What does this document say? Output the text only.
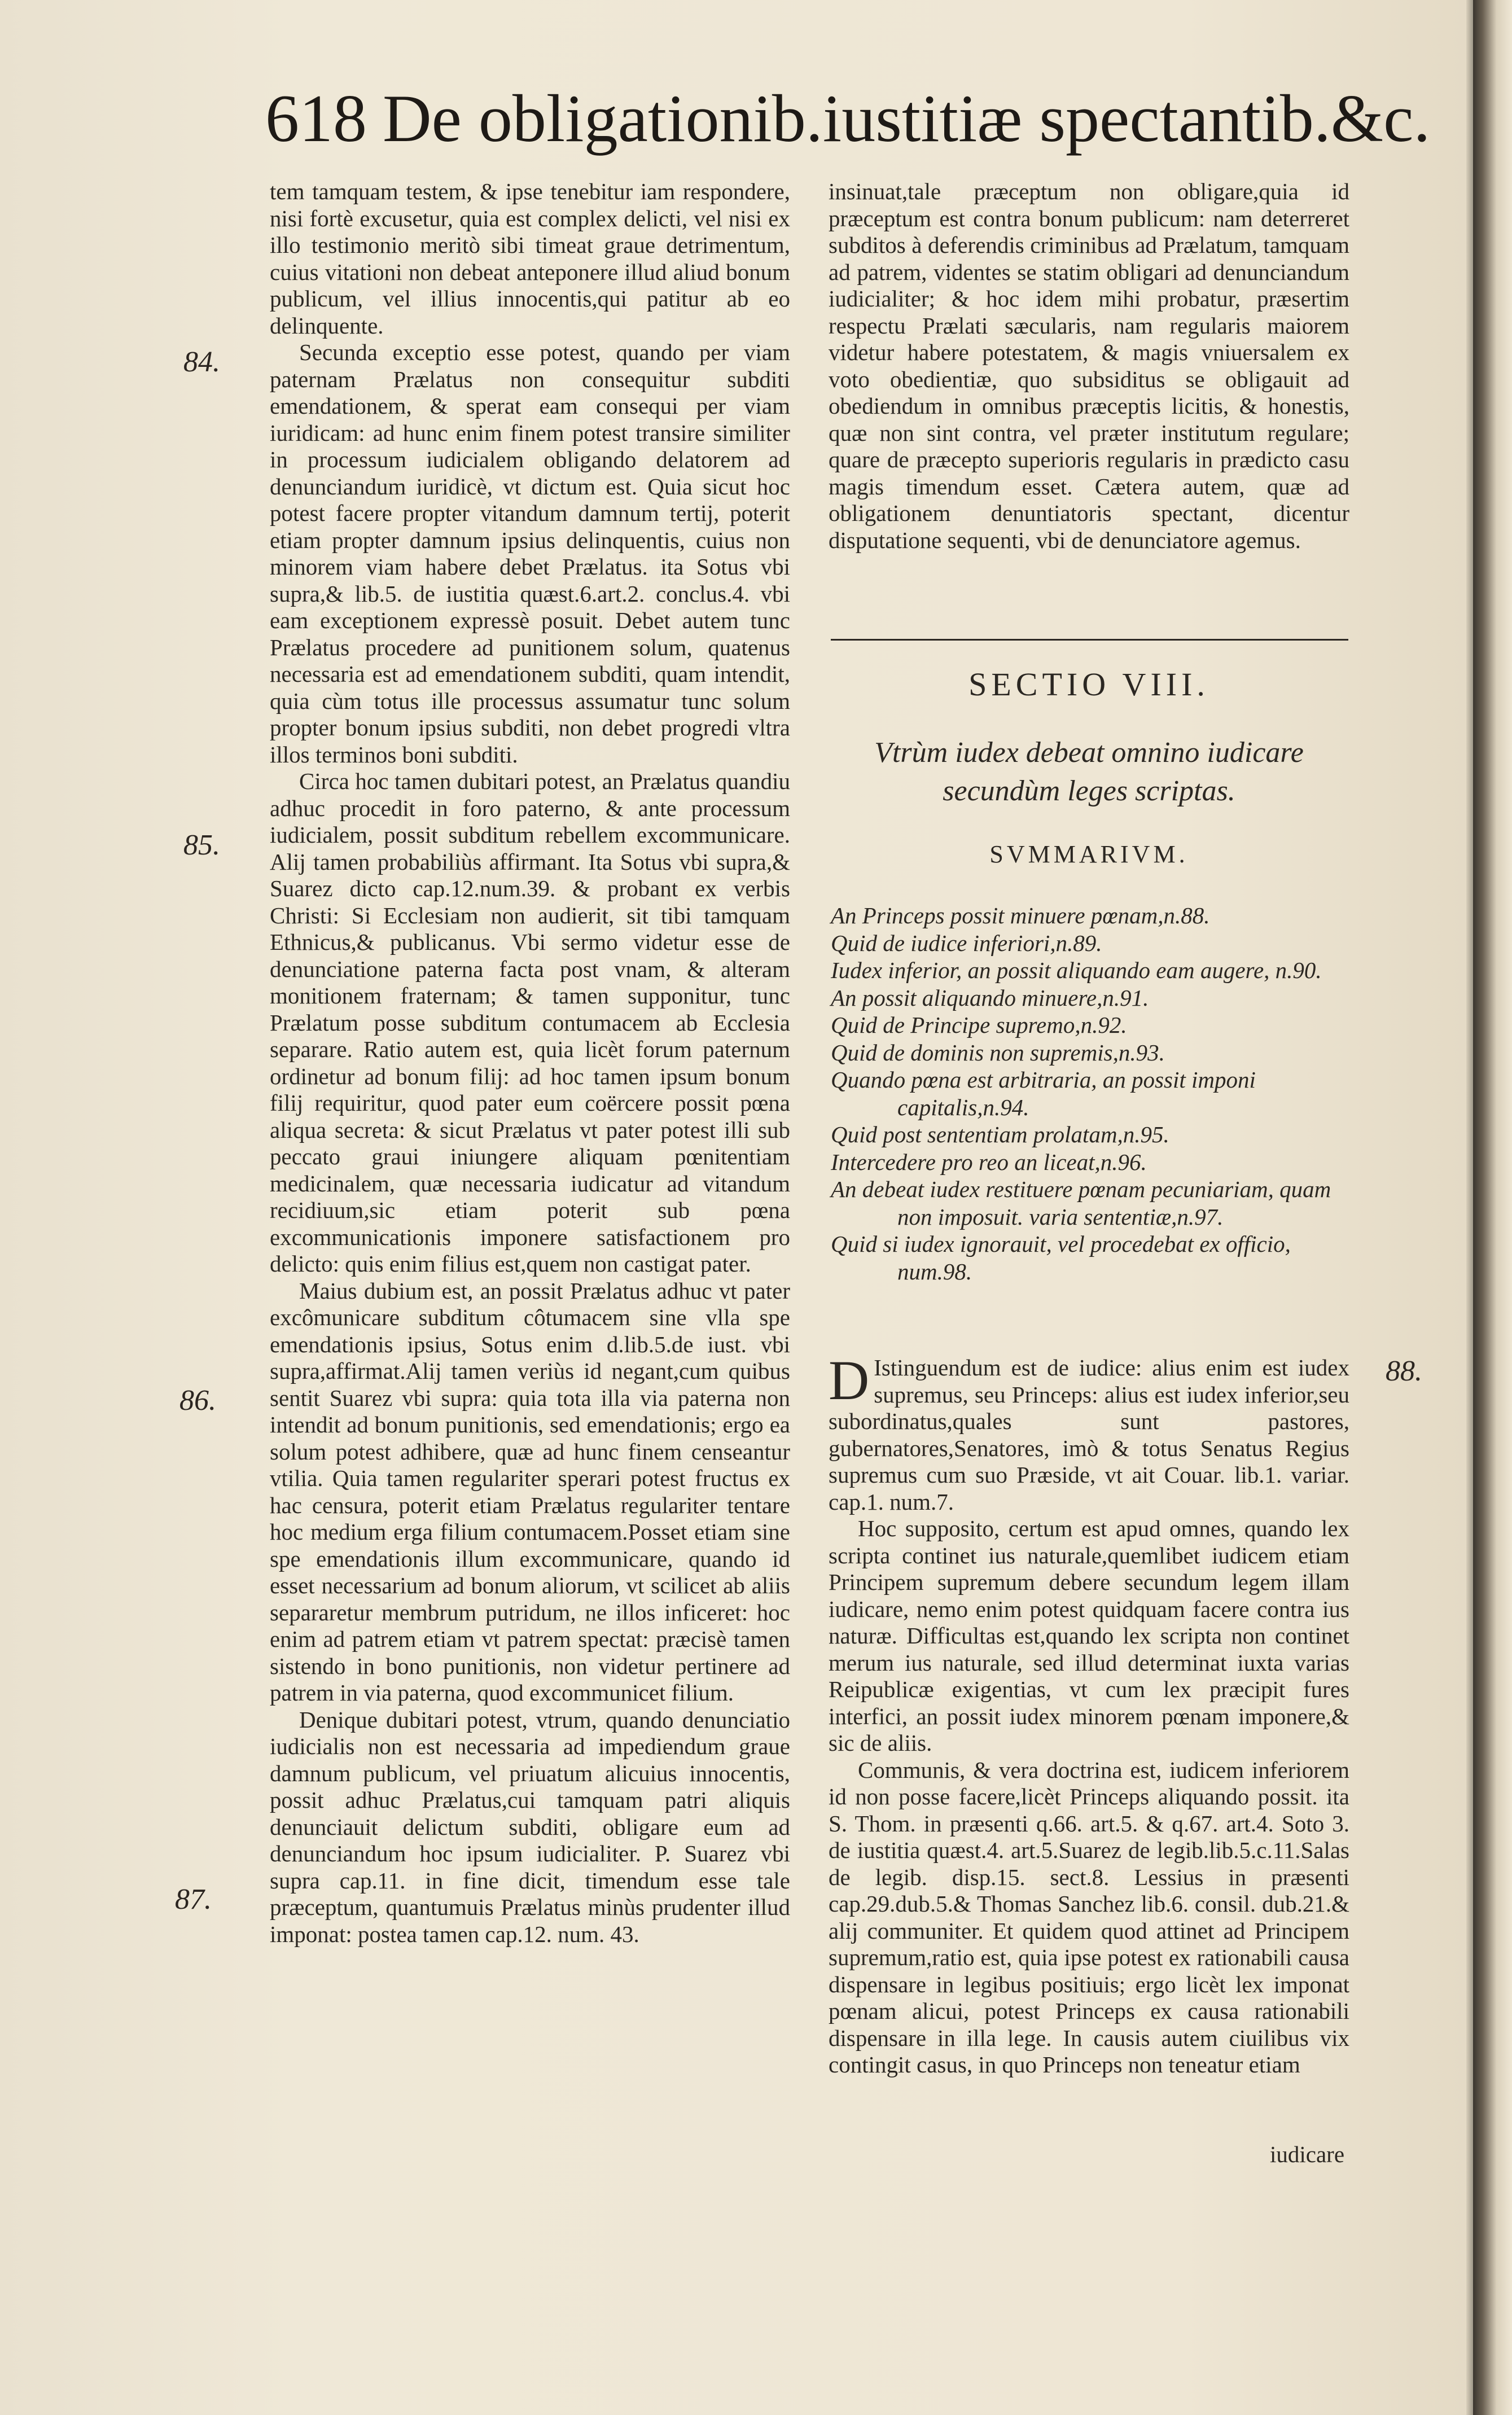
618 De obligationib.iustitiæ spectantib.&c.
84.
85.
86.
87.
88.

tem tamquam testem, & ipse tenebitur iam respondere, nisi fortè excusetur, quia est complex delicti, vel nisi ex illo testimonio meritò sibi timeat graue detrimentum, cuius vitationi non debeat anteponere illud aliud bonum publicum, vel illius innocentis,qui patitur ab eo delinquente.

Secunda exceptio esse potest, quando per viam paternam Prælatus non consequitur subditi emendationem, & sperat eam consequi per viam iuridicam: ad hunc enim finem potest transire similiter in processum iudicialem obligando delatorem ad denunciandum iuridicè, vt dictum est. Quia sicut hoc potest facere propter vitandum damnum tertij, poterit etiam propter damnum ipsius delinquentis, cuius non minorem viam habere debet Prælatus. ita Sotus vbi supra,& lib.5. de iustitia quæst.6.art.2. conclus.4. vbi eam exceptionem expressè posuit. Debet autem tunc Prælatus procedere ad punitionem solum, quatenus necessaria est ad emendationem subditi, quam intendit, quia cùm totus ille processus assumatur tunc solum propter bonum ipsius subditi, non debet progredi vltra illos terminos boni subditi.

Circa hoc tamen dubitari potest, an Prælatus quandiu adhuc procedit in foro paterno, & ante processum iudicialem, possit subditum rebellem excommunicare. Alij tamen probabiliùs affirmant. Ita Sotus vbi supra,& Suarez dicto cap.12.num.39. & probant ex verbis Christi: Si Ecclesiam non audierit, sit tibi tamquam Ethnicus,& publicanus. Vbi sermo videtur esse de denunciatione paterna facta post vnam, & alteram monitionem fraternam; & tamen supponitur, tunc Prælatum posse subditum contumacem ab Ecclesia separare. Ratio autem est, quia licèt forum paternum ordinetur ad bonum filij: ad hoc tamen ipsum bonum filij requiritur, quod pater eum coërcere possit pœna aliqua secreta: & sicut Prælatus vt pater potest illi sub peccato graui iniungere aliquam pœnitentiam medicinalem, quæ necessaria iudicatur ad vitandum recidiuum,sic etiam poterit sub pœna excommunicationis imponere satisfactionem pro delicto: quis enim filius est,quem non castigat pater.

Maius dubium est, an possit Prælatus adhuc vt pater excômunicare subditum côtumacem sine vlla spe emendationis ipsius, Sotus enim d.lib.5.de iust. vbi supra,affirmat.Alij tamen veriùs id negant,cum quibus sentit Suarez vbi supra: quia tota illa via paterna non intendit ad bonum punitionis, sed emendationis; ergo ea solum potest adhibere, quæ ad hunc finem censeantur vtilia. Quia tamen regulariter sperari potest fructus ex hac censura, poterit etiam Prælatus regulariter tentare hoc medium erga filium contumacem.Posset etiam sine spe emendationis illum excommunicare, quando id esset necessarium ad bonum aliorum, vt scilicet ab aliis separaretur membrum putridum, ne illos inficeret: hoc enim ad patrem etiam vt patrem spectat: præcisè tamen sistendo in bono punitionis, non videtur pertinere ad patrem in via paterna, quod excommunicet filium.

Denique dubitari potest, vtrum, quando denunciatio iudicialis non est necessaria ad impediendum graue damnum publicum, vel priuatum alicuius innocentis, possit adhuc Prælatus,cui tamquam patri aliquis denunciauit delictum subditi, obligare eum ad denunciandum hoc ipsum iudicialiter. P. Suarez vbi supra cap.11. in fine dicit, timendum esse tale præceptum, quantumuis Prælatus minùs prudenter illud imponat: postea tamen cap.12. num. 43.

insinuat,tale præceptum non obligare,quia id præceptum est contra bonum publicum: nam deterreret subditos à deferendis criminibus ad Prælatum, tamquam ad patrem, videntes se statim obligari ad denunciandum iudicialiter; & hoc idem mihi probatur, præsertim respectu Prælati sæcularis, nam regularis maiorem videtur habere potestatem, & magis vniuersalem ex voto obedientiæ, quo subsiditus se obligauit ad obediendum in omnibus præceptis licitis, & honestis, quæ non sint contra, vel præter institutum regulare; quare de præcepto superioris regularis in prædicto casu magis timendum esset. Cætera autem, quæ ad obligationem denuntiatoris spectant, dicentur disputatione sequenti, vbi de denunciatore agemus.

SECTIO VIII.
Vtrùm iudex debeat omnino iudicare
secundùm leges scriptas.
SVMMARIVM.
An Princeps possit minuere pœnam,n.88.
Quid de iudice inferiori,n.89.
Iudex inferior, an possit aliquando eam augere, n.90.
An possit aliquando minuere,n.91.
Quid de Principe supremo,n.92.
Quid de dominis non supremis,n.93.
Quando pœna est arbitraria, an possit imponi capitalis,n.94.
Quid post sententiam prolatam,n.95.
Intercedere pro reo an liceat,n.96.
An debeat iudex restituere pœnam pecuniariam, quam non imposuit. varia sententiæ,n.97.
Quid si iudex ignorauit, vel procedebat ex officio, num.98.

D Istinguendum est de iudice: alius enim est iudex supremus, seu Princeps: alius est iudex inferior,seu subordinatus,quales sunt pastores, gubernatores,Senatores, imò & totus Senatus Regius supremus cum suo Præside, vt ait Couar. lib.1. variar. cap.1. num.7.

Hoc supposito, certum est apud omnes, quando lex scripta continet ius naturale,quemlibet iudicem etiam Principem supremum debere secundum legem illam iudicare, nemo enim potest quidquam facere contra ius naturæ. Difficultas est,quando lex scripta non continet merum ius naturale, sed illud determinat iuxta varias Reipublicæ exigentias, vt cum lex præcipit fures interfici, an possit iudex minorem pœnam imponere,& sic de aliis.

Communis, & vera doctrina est, iudicem inferiorem id non posse facere,licèt Princeps aliquando possit. ita S. Thom. in præsenti q.66. art.5. & q.67. art.4. Soto 3. de iustitia quæst.4. art.5.Suarez de legib.lib.5.c.11.Salas de legib. disp.15. sect.8. Lessius in præsenti cap.29.dub.5.& Thomas Sanchez lib.6. consil. dub.21.& alij communiter. Et quidem quod attinet ad Principem supremum,ratio est, quia ipse potest ex rationabili causa dispensare in legibus positiuis; ergo licèt lex imponat pœnam alicui, potest Princeps ex causa rationabili dispensare in illa lege. In causis autem ciuilibus vix contingit casus, in quo Princeps non teneatur etiam

iudicare
